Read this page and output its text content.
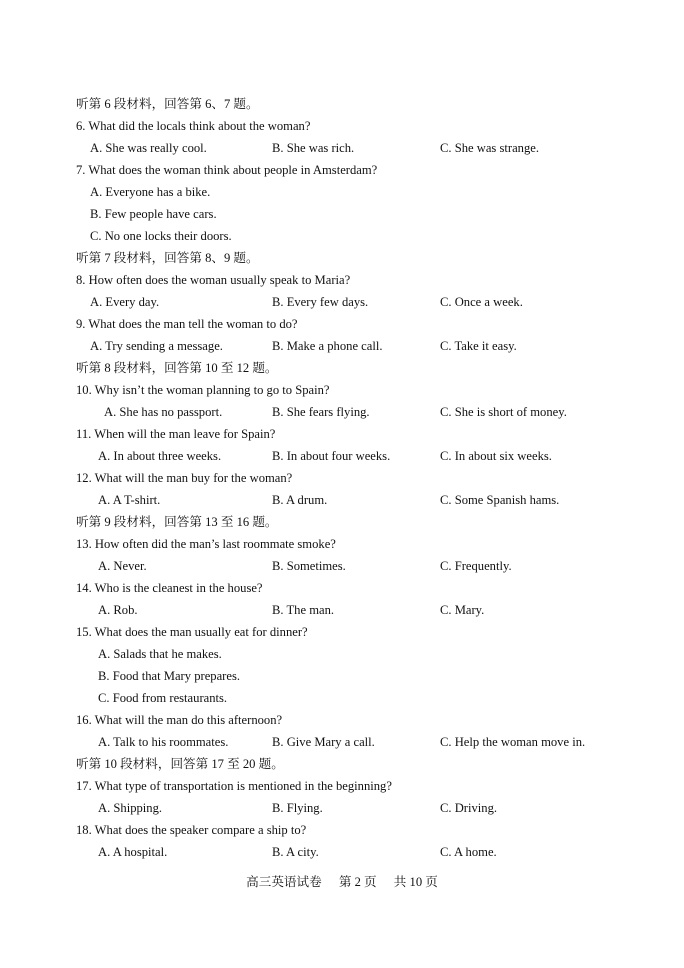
听第 6 段材料，回答第 6、7 题。
6. What did the locals think about the woman?
A. She was really cool.	B. She was rich.	C. She was strange.
7. What does the woman think about people in Amsterdam?
A. Everyone has a bike.
B. Few people have cars.
C. No one locks their doors.
听第 7 段材料，回答第 8、9 题。
8. How often does the woman usually speak to Maria?
A. Every day.	B. Every few days.	C. Once a week.
9. What does the man tell the woman to do?
A. Try sending a message.	B. Make a phone call.	C. Take it easy.
听第 8 段材料，回答第 10 至 12 题。
10. Why isn’t the woman planning to go to Spain?
A. She has no passport.	B. She fears flying.	C. She is short of money.
11. When will the man leave for Spain?
A. In about three weeks.	B. In about four weeks.	C. In about six weeks.
12. What will the man buy for the woman?
A. A T-shirt.	B. A drum.	C. Some Spanish hams.
听第 9 段材料，回答第 13 至 16 题。
13. How often did the man’s last roommate smoke?
A. Never.	B. Sometimes.	C. Frequently.
14. Who is the cleanest in the house?
A. Rob.	B. The man.	C. Mary.
15. What does the man usually eat for dinner?
A. Salads that he makes.
B. Food that Mary prepares.
C. Food from restaurants.
16. What will the man do this afternoon?
A. Talk to his roommates.	B. Give Mary a call.	C. Help the woman move in.
听第 10 段材料，回答第 17 至 20 题。
17. What type of transportation is mentioned in the beginning?
A. Shipping.	B. Flying.	C. Driving.
18. What does the speaker compare a ship to?
A. A hospital.	B. A city.	C. A home.
高三英语试卷 第 2 页 共 10 页
